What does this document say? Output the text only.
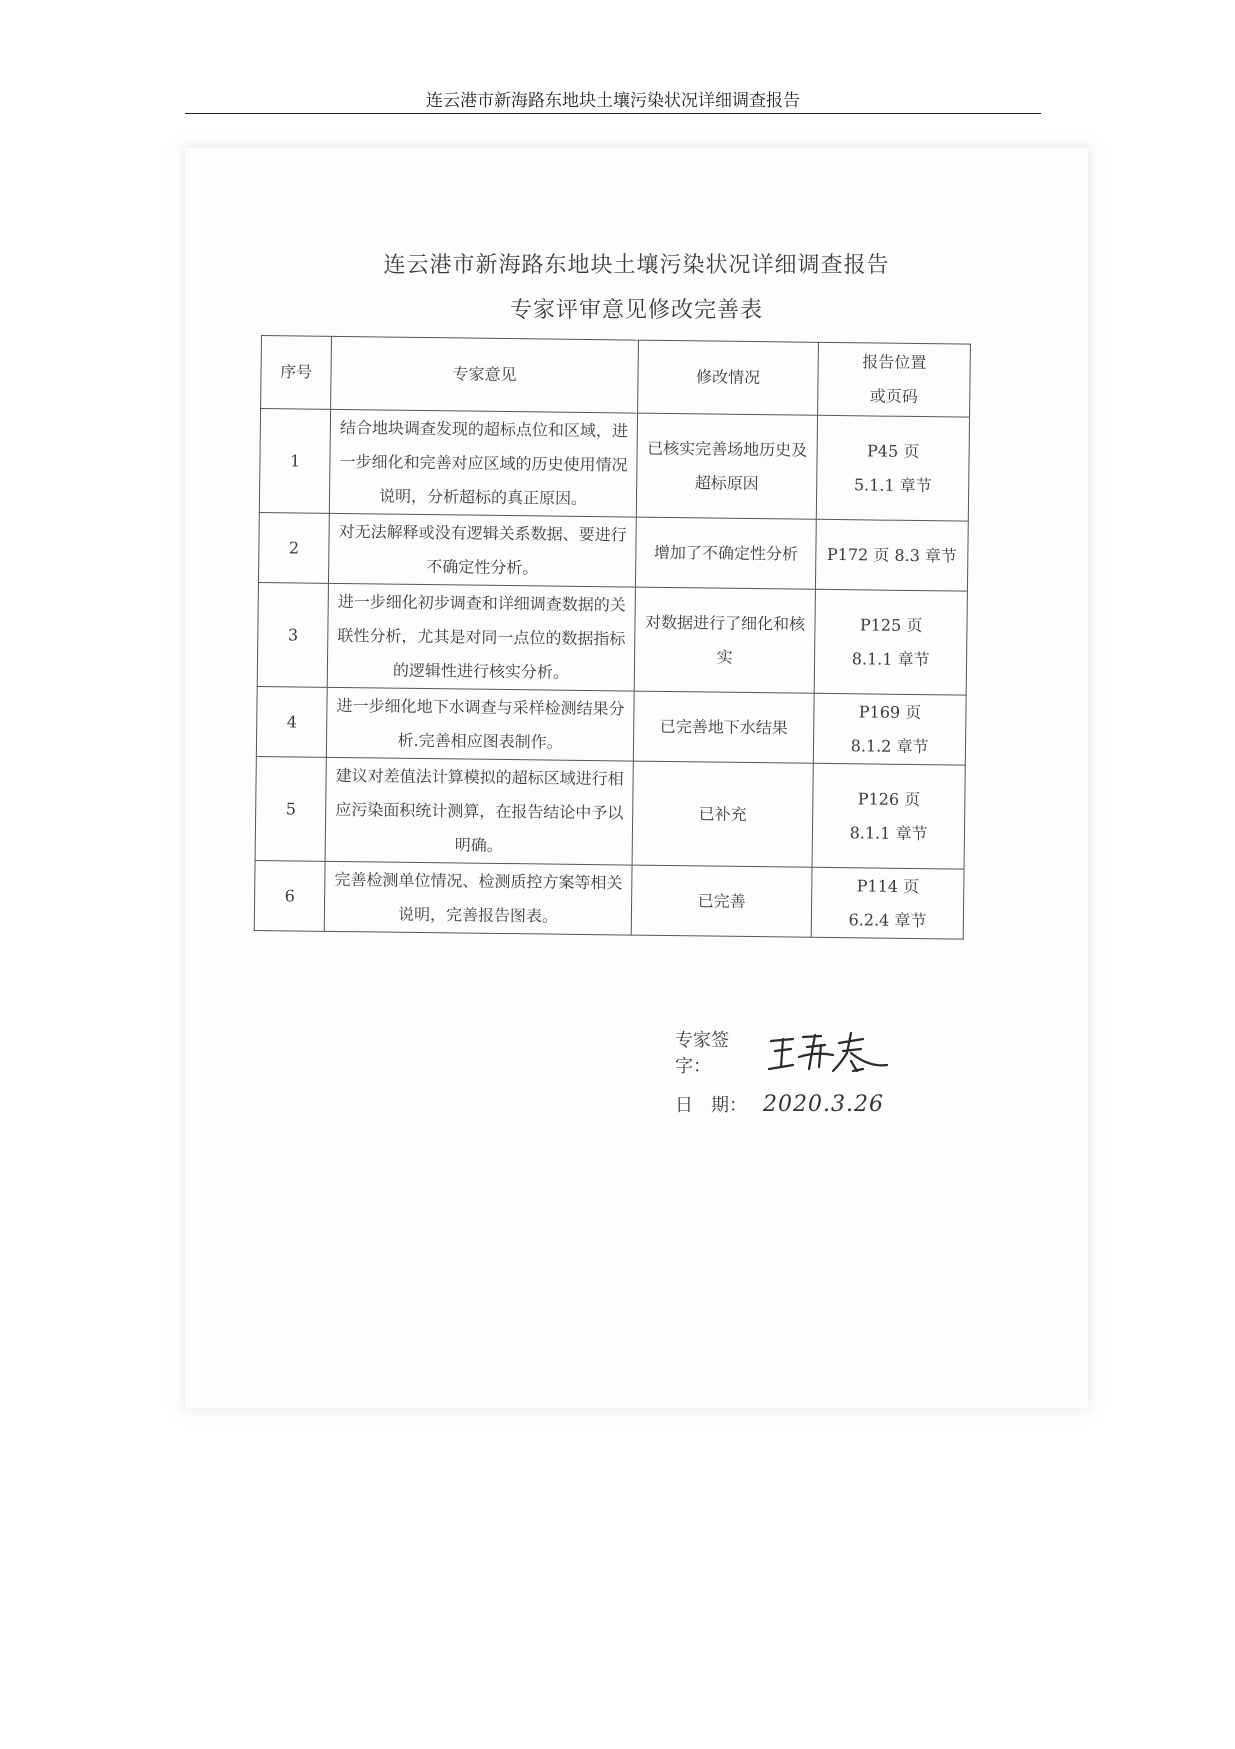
连云港市新海路东地块土壤污染状况详细调查报告
连云港市新海路东地块土壤污染状况详细调查报告
专家评审意见修改完善表
序号	专家意见	修改情况	报告位置
或页码

1	结合地块调查发现的超标点位和区域，进一步细化和完善对应区域的历史使用情况说明，分析超标的真正原因。	已核实完善场地历史及超标原因	P45 页
5.1.1 章节

2	对无法解释或没有逻辑关系数据、要进行不确定性分析。	增加了不确定性分析	P172 页 8.3 章节

3	进一步细化初步调查和详细调查数据的关联性分析，尤其是对同一点位的数据指标的逻辑性进行核实分析。	对数据进行了细化和核实	P125 页
8.1.1 章节

4	进一步细化地下水调查与采样检测结果分析.完善相应图表制作。	已完善地下水结果	P169 页
8.1.2 章节

5	建议对差值法计算模拟的超标区域进行相应污染面积统计测算，在报告结论中予以明确。	已补充	P126 页
8.1.1 章节

6	完善检测单位情况、检测质控方案等相关说明，完善报告图表。	已完善	P114 页
6.2.4 章节
专家签字：
日　期： 2020.3.26
